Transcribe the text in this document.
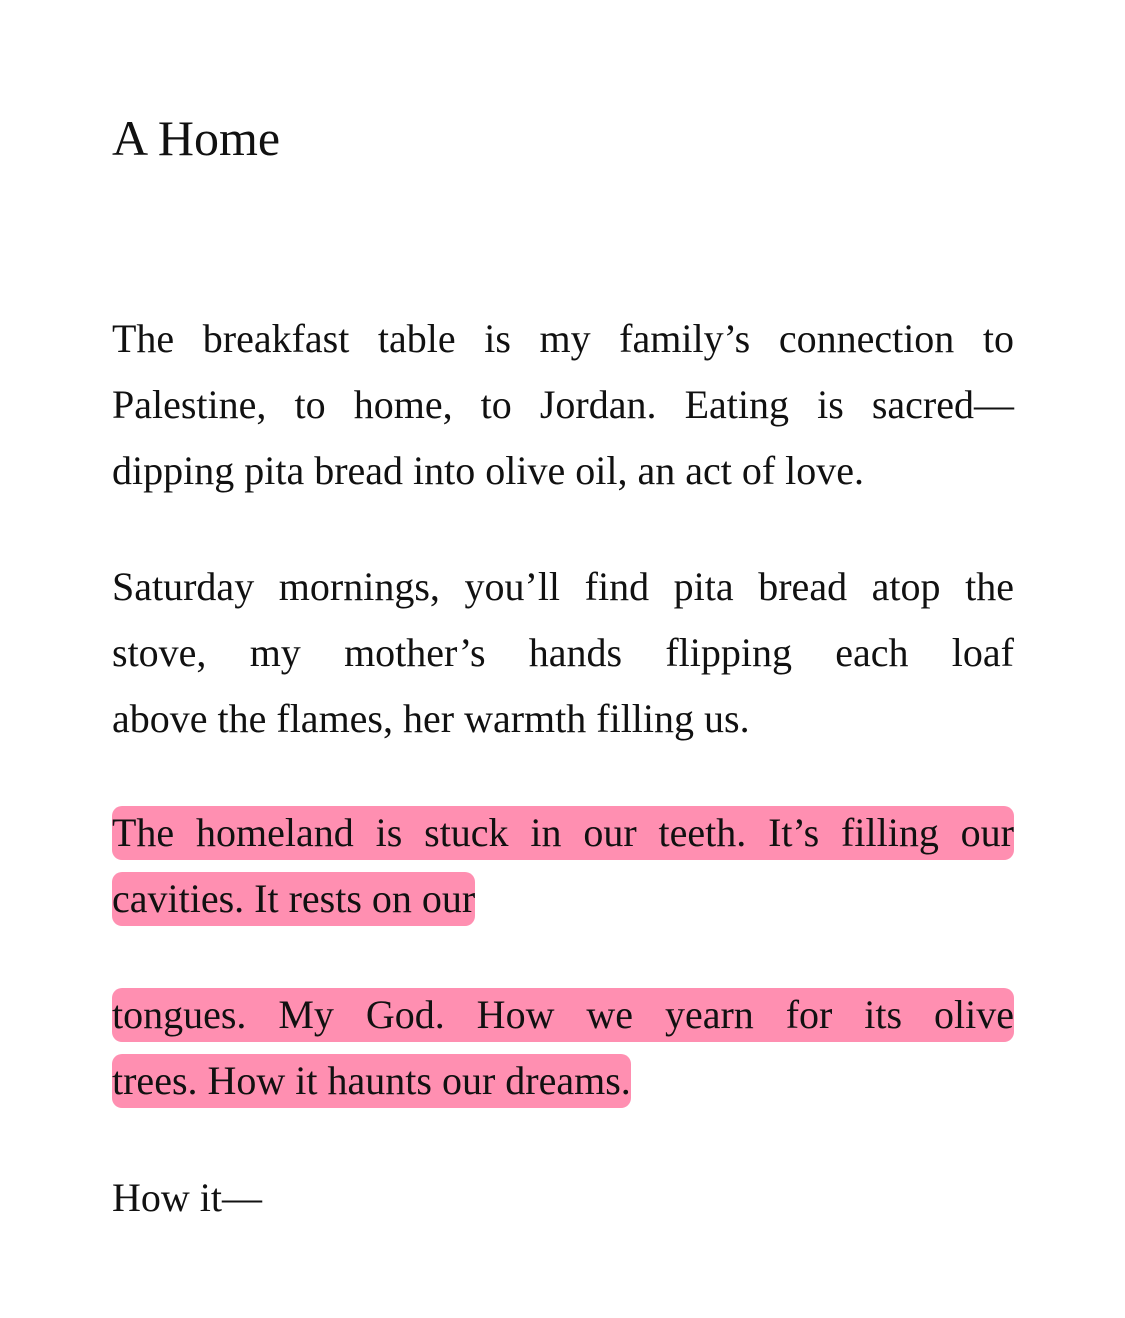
A Home

The breakfast table is my family’s connection to
Palestine, to home, to Jordan. Eating is sacred—
dipping pita bread into olive oil, an act of love.

Saturday mornings, you’ll find pita bread atop the
stove, my mother’s hands flipping each loaf
above the flames, her warmth filling us.

The homeland is stuck in our teeth. It’s filling our
cavities. It rests on our
tongues. My God. How we yearn for its olive
trees. How it haunts our dreams.

How it—
